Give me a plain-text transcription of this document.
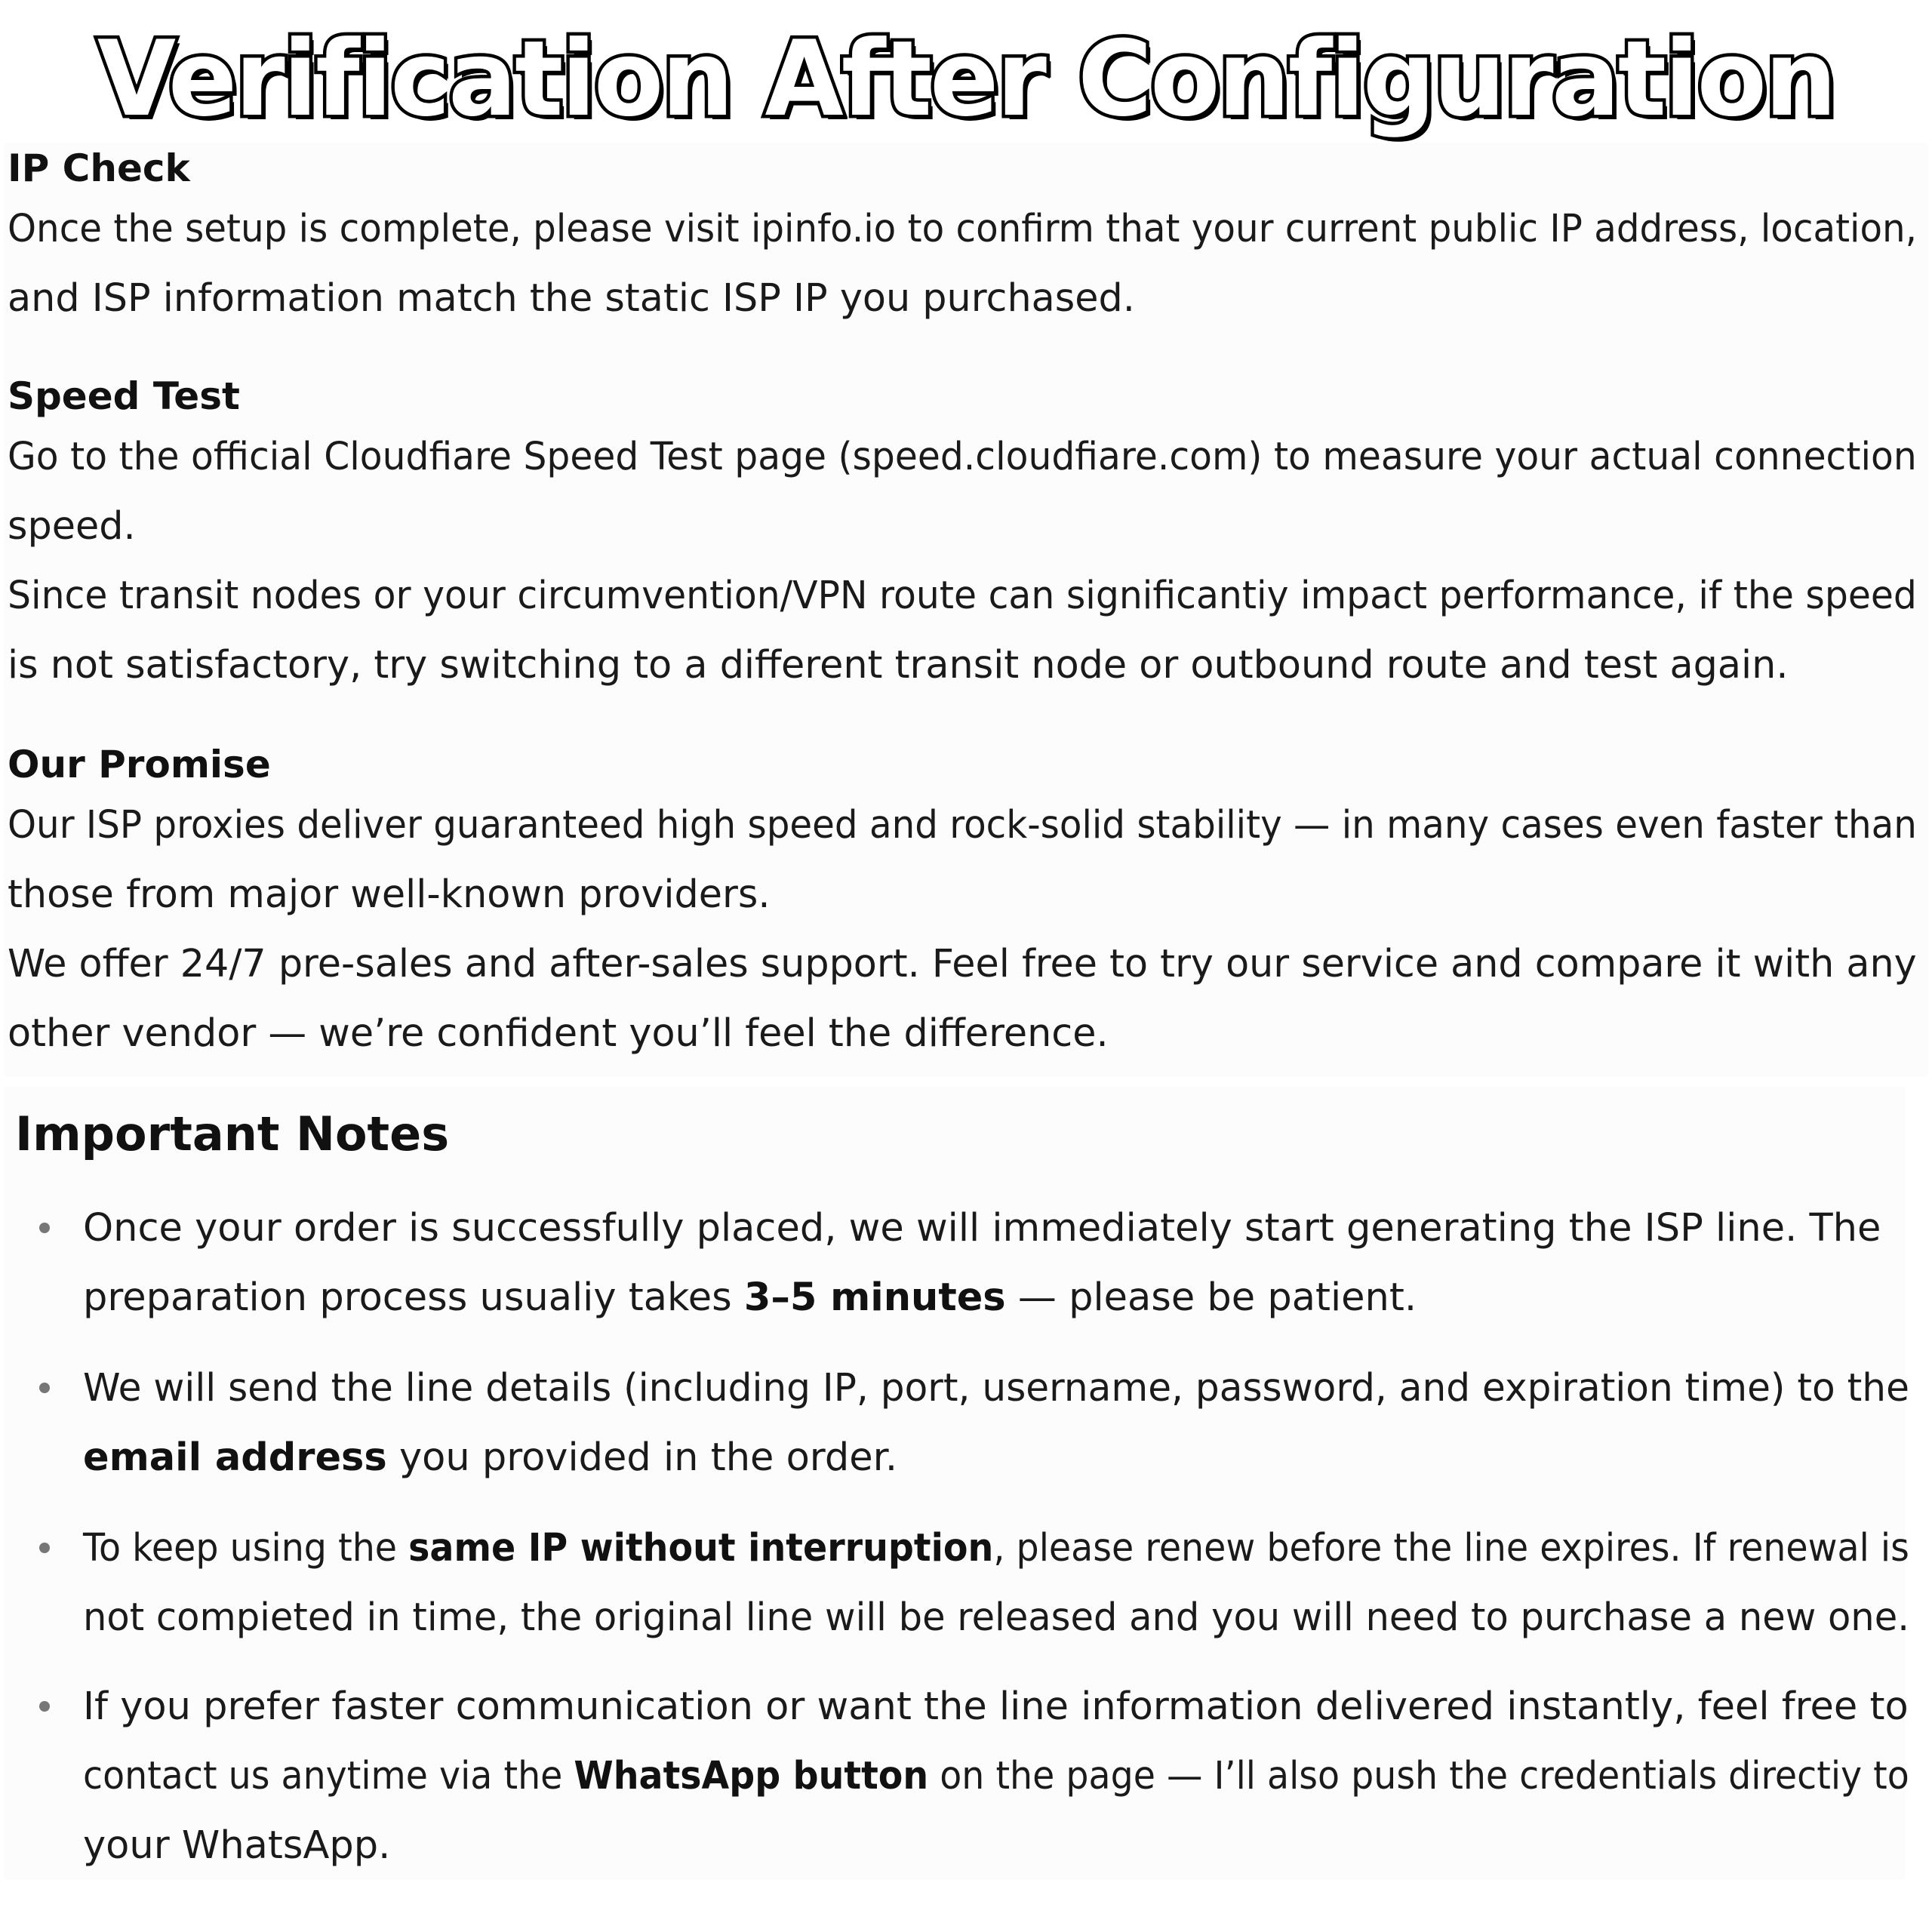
Verification After Configuration
IP Check

Once the setup is complete, please visit ipinfo.io to confirm that your current public IP address, location,

and ISP information match the static ISP IP you purchased.

Speed Test

Go to the official Cloudfiare Speed Test page (speed.cloudfiare.com) to measure your actual connection

speed.

Since transit nodes or your circumvention/VPN route can significantiy impact performance, if the speed

is not satisfactory, try switching to a different transit node or outbound route and test again.

Our Promise

Our ISP proxies deliver guaranteed high speed and rock-solid stability — in many cases even faster than

those from major well-known providers.

We offer 24/7 pre-sales and after-sales support. Feel free to try our service and compare it with any

other vendor — we’re confident you’ll feel the difference.

Important Notes
Once your order is successfully placed, we will immediately start generating the ISP line. The
preparation process usualiy takes 3–5 minutes — please be patient.
We will send the line details (including IP, port, username, password, and expiration time) to the
email address you provided in the order.
To keep using the same IP without interruption, please renew before the line expires. If renewal is
not compieted in time, the original line will be released and you will need to purchase a new one.
If you prefer faster communication or want the line information delivered instantly, feel free to
contact us anytime via the WhatsApp button on the page — I’ll also push the credentials directiy to
your WhatsApp.
